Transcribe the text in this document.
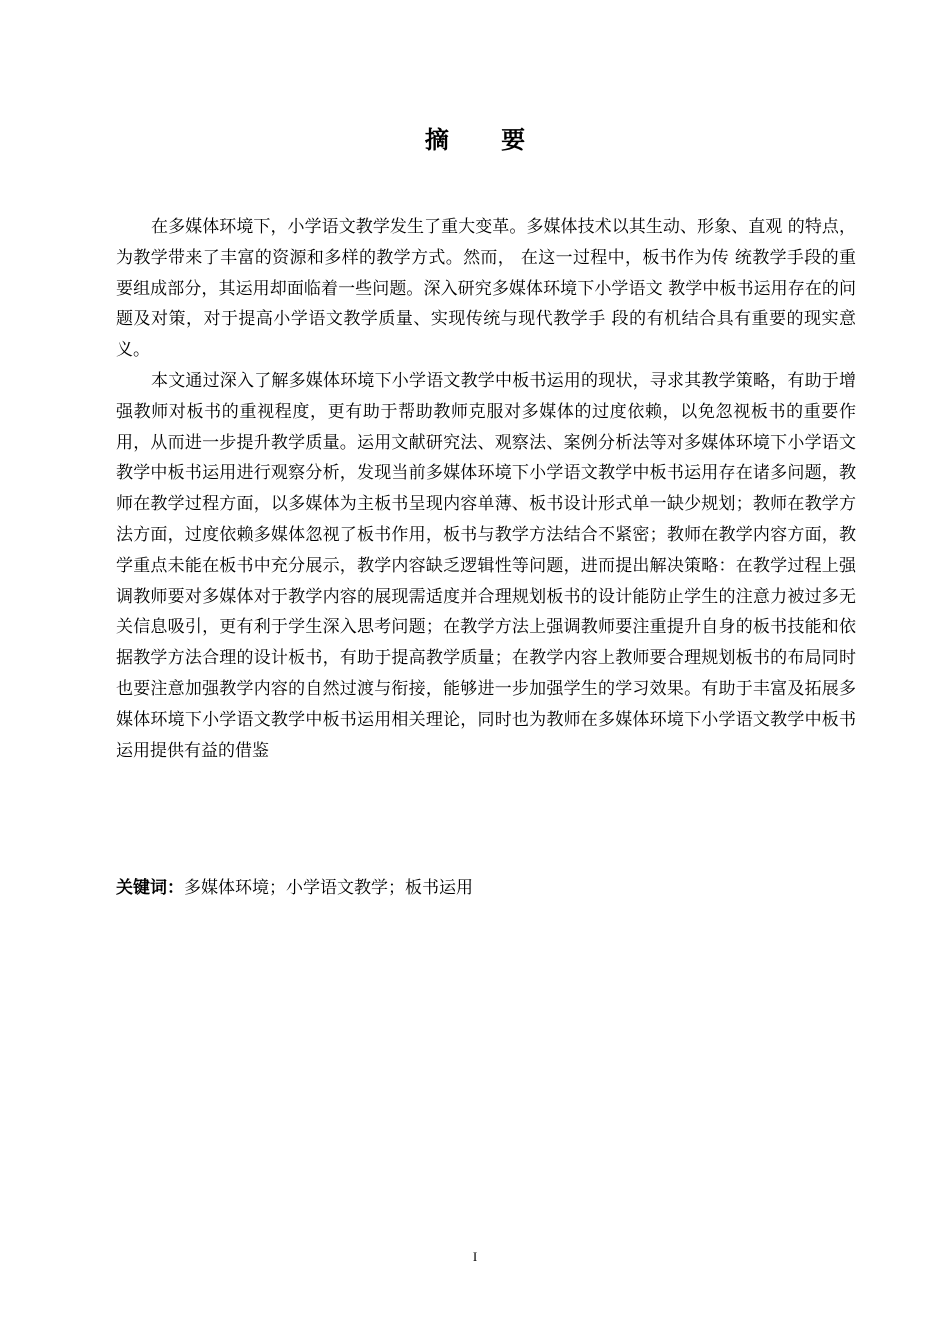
摘 要

在多媒体环境下，小学语文教学发生了重大变革。多媒体技术以其生动、形象、直观 的特点，为教学带来了丰富的资源和多样的教学方式。然而， 在这一过程中，板书作为传 统教学手段的重要组成部分，其运用却面临着一些问题。深入研究多媒体环境下小学语文 教学中板书运用存在的问题及对策，对于提高小学语文教学质量、实现传统与现代教学手 段的有机结合具有重要的现实意义。

本文通过深入了解多媒体环境下小学语文教学中板书运用的现状，寻求其教学策略，有助于增强教师对板书的重视程度，更有助于帮助教师克服对多媒体的过度依赖，以免忽视板书的重要作用，从而进一步提升教学质量。运用文献研究法、观察法、案例分析法等对多媒体环境下小学语文教学中板书运用进行观察分析，发现当前多媒体环境下小学语文教学中板书运用存在诸多问题，教师在教学过程方面，以多媒体为主板书呈现内容单薄、板书设计形式单一缺少规划；教师在教学方法方面，过度依赖多媒体忽视了板书作用，板书与教学方法结合不紧密；教师在教学内容方面，教学重点未能在板书中充分展示，教学内容缺乏逻辑性等问题，进而提出解决策略：在教学过程上强调教师要对多媒体对于教学内容的展现需适度并合理规划板书的设计能防止学生的注意力被过多无关信息吸引，更有利于学生深入思考问题；在教学方法上强调教师要注重提升自身的板书技能和依据教学方法合理的设计板书，有助于提高教学质量；在教学内容上教师要合理规划板书的布局同时也要注意加强教学内容的自然过渡与衔接，能够进一步加强学生的学习效果。有助于丰富及拓展多媒体环境下小学语文教学中板书运用相关理论，同时也为教师在多媒体环境下小学语文教学中板书运用提供有益的借鉴

关键词：多媒体环境；小学语文教学；板书运用
I
